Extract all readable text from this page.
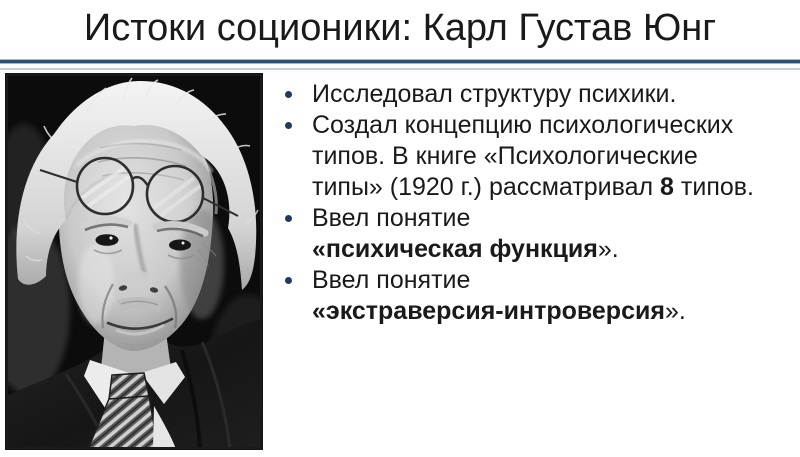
Истоки соционики: Карл Густав Юнг
Исследовал структуру психики.
Создал концепцию психологических
типов. В книге «Психологические
типы» (1920 г.) рассматривал 8 типов.
Ввел понятие
«психическая функция».
Ввел понятие
«экстраверсия-интроверсия».
